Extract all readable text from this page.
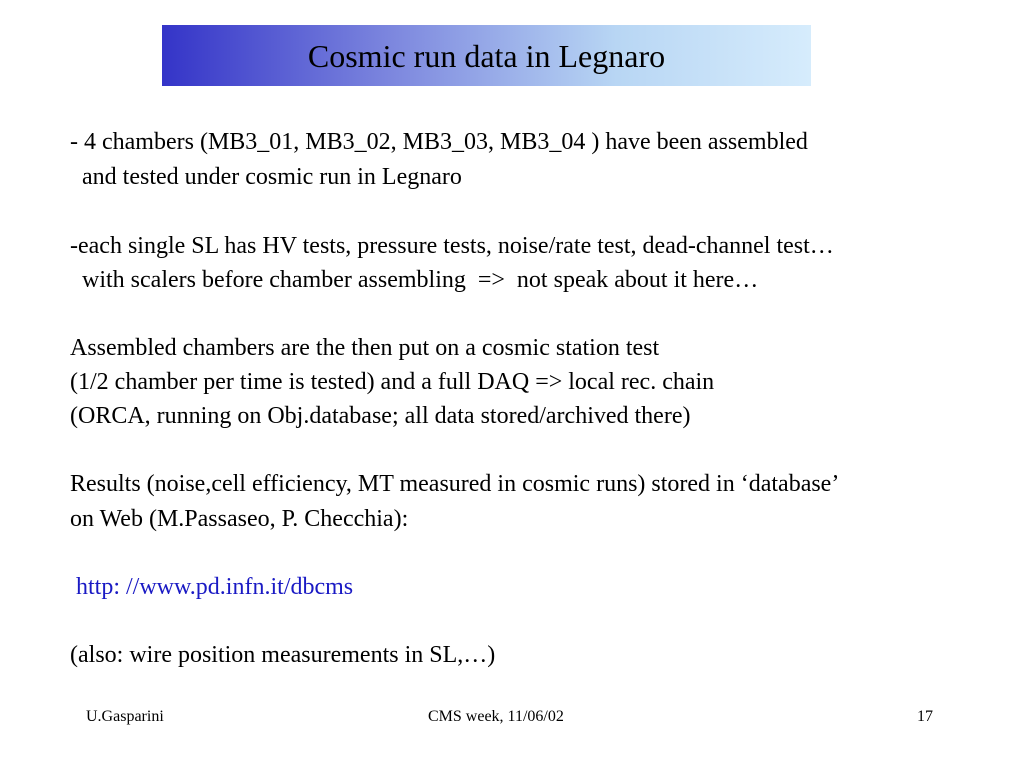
Cosmic run data in Legnaro
- 4 chambers (MB3_01, MB3_02, MB3_03, MB3_04 ) have been assembled
and tested under cosmic run in Legnaro
-each single SL has HV tests, pressure tests, noise/rate test, dead-channel test…
with scalers before chamber assembling  =>  not speak about it here…
Assembled chambers are the then put on a cosmic station test
(1/2 chamber per time is tested) and a full DAQ => local rec. chain
(ORCA, running on Obj.database; all data stored/archived there)
Results (noise,cell efficiency, MT measured in cosmic runs) stored in ‘database’
on Web (M.Passaseo, P. Checchia):
http: //www.pd.infn.it/dbcms
(also: wire position measurements in SL,…)
U.Gasparini	CMS week, 11/06/02	17
